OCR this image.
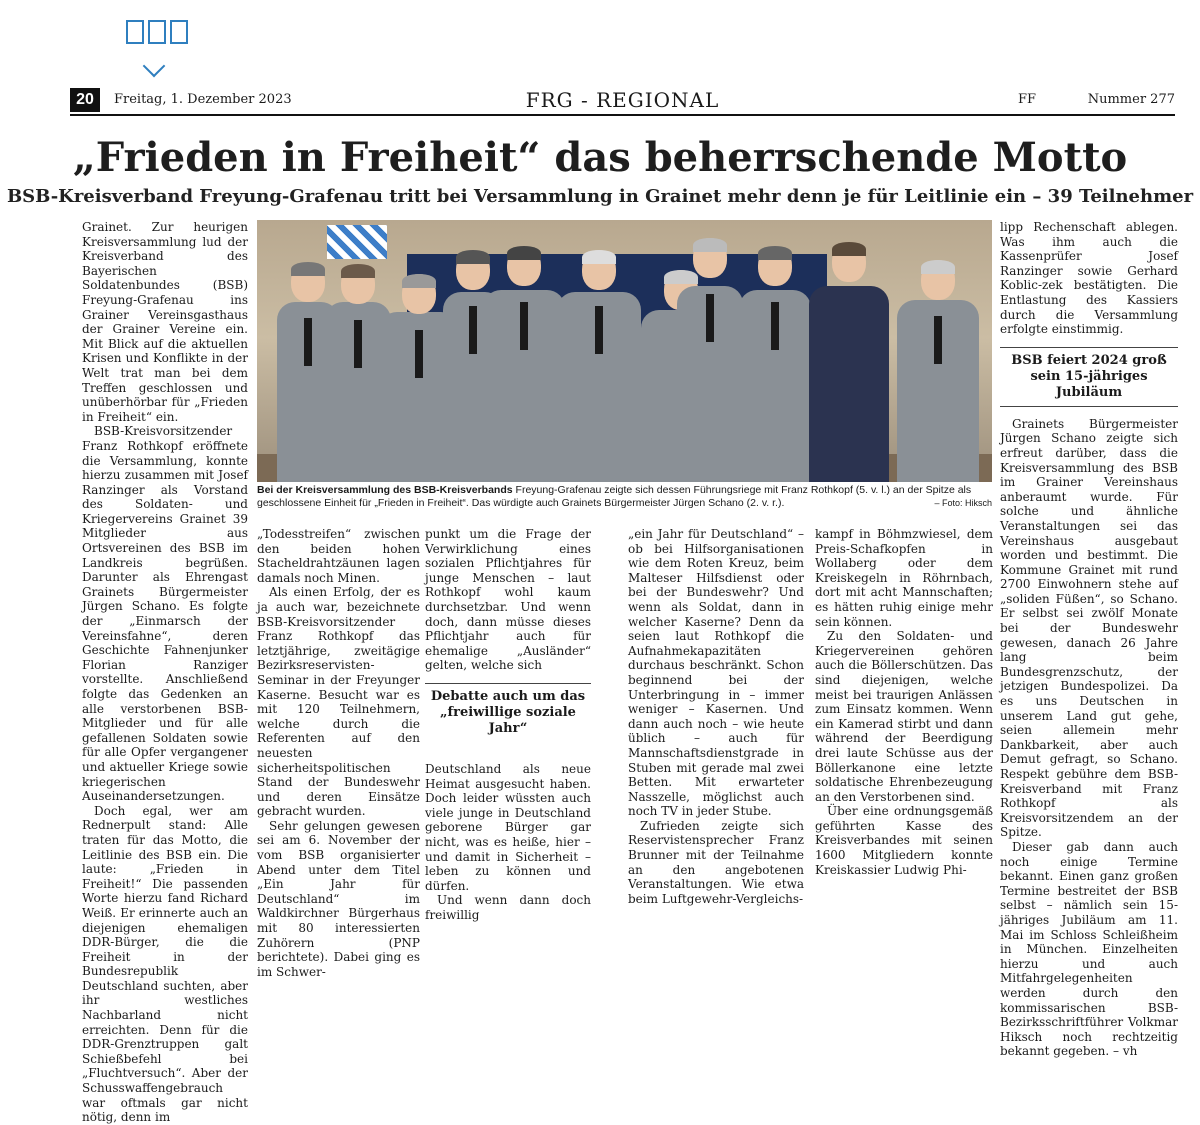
20	Freitag, 1. Dezember 2023	FRG - REGIONAL	FF	Nummer 277
„Frieden in Freiheit“ das beherrschende Motto
BSB-Kreisverband Freyung-Grafenau tritt bei Versammlung in Grainet mehr denn je für Leitlinie ein – 39 Teilnehmer

Grainet. Zur heurigen Kreisversammlung lud der Kreisverband des Bayerischen Soldatenbundes (BSB) Freyung-Grafenau ins Grainer Vereinsgasthaus der Grainer Vereine ein. Mit Blick auf die aktuellen Krisen und Konflikte in der Welt trat man bei dem Treffen geschlossen und unüberhörbar für „Frieden in Freiheit“ ein.

BSB-Kreisvorsitzender Franz Rothkopf eröffnete die Versammlung, konnte hierzu zusammen mit Josef Ranzinger als Vorstand des Soldaten- und Kriegervereins Grainet 39 Mitglieder aus Ortsvereinen des BSB im Landkreis begrüßen. Darunter als Ehrengast Grainets Bürgermeister Jürgen Schano. Es folgte der „Einmarsch der Vereinsfahne“, deren Geschichte Fahnenjunker Florian Ranziger vorstellte. Anschließend folgte das Gedenken an alle verstorbenen BSB-Mitglieder und für alle gefallenen Soldaten sowie für alle Opfer vergangener und aktueller Kriege sowie kriegerischen Auseinandersetzungen.

Doch egal, wer am Rednerpult stand: Alle traten für das Motto, die Leitlinie des BSB ein. Die laute: „Frieden in Freiheit!“ Die passenden Worte hierzu fand Richard Weiß. Er erinnerte auch an diejenigen ehemaligen DDR-Bürger, die die Freiheit in der Bundesrepublik Deutschland suchten, aber ihr westliches Nachbarland nicht erreichten. Denn für die DDR-Grenztruppen galt Schießbefehl bei „Fluchtversuch“. Aber der Schusswaffengebrauch war oftmals gar nicht nötig, denn im

Bei der Kreisversammlung des BSB-Kreisverbands Freyung-Grafenau zeigte sich dessen Führungsriege mit Franz Rothkopf (5. v. l.) an der Spitze als geschlossene Einheit für „Frieden in Freiheit“. Das würdigte auch Grainets Bürgermeister Jürgen Schano (2. v. r.).	– Foto: Hiksch

„Todesstreifen“ zwischen den beiden hohen Stacheldrahtzäunen lagen damals noch Minen.

Als einen Erfolg, der es ja auch war, bezeichnete BSB-Kreisvorsitzender Franz Rothkopf das letztjährige, zweitägige Bezirksreservisten-Seminar in der Freyunger Kaserne. Besucht war es mit 120 Teilnehmern, welche durch die Referenten auf den neuesten sicherheitspolitischen Stand der Bundeswehr und deren Einsätze gebracht wurden.

Sehr gelungen gewesen sei am 6. November der vom BSB organisierter Abend unter dem Titel „Ein Jahr für Deutschland“ im Waldkirchner Bürgerhaus mit 80 interessierten Zuhörern (PNP berichtete). Dabei ging es im Schwer-

punkt um die Frage der Verwirklichung eines sozialen Pflichtjahres für junge Menschen – laut Rothkopf wohl kaum durchsetzbar. Und wenn doch, dann müsse dieses Pflichtjahr auch für ehemalige „Ausländer“ gelten, welche sich

Debatte auch um das „freiwillige soziale Jahr“

Deutschland als neue Heimat ausgesucht haben. Doch leider wüssten auch viele junge in Deutschland geborene Bürger gar nicht, was es heiße, hier – und damit in Sicherheit – leben zu können und dürfen.

Und wenn dann doch freiwillig

„ein Jahr für Deutschland“ – ob bei Hilfsorganisationen wie dem Roten Kreuz, beim Malteser Hilfsdienst oder bei der Bundeswehr? Und wenn als Soldat, dann in welcher Kaserne? Denn da seien laut Rothkopf die Aufnahmekapazitäten durchaus beschränkt. Schon beginnend bei der Unterbringung in – immer weniger – Kasernen. Und dann auch noch – wie heute üblich – auch für Mannschaftsdienstgrade in Stuben mit gerade mal zwei Betten. Mit erwarteter Nasszelle, möglichst auch noch TV in jeder Stube.

Zufrieden zeigte sich Reservistensprecher Franz Brunner mit der Teilnahme an den angebotenen Veranstaltungen. Wie etwa beim Luftgewehr-Vergleichs-

kampf in Böhmzwiesel, dem Preis-Schafkopfen in Wollaberg oder dem Kreiskegeln in Röhrnbach, dort mit acht Mannschaften; es hätten ruhig einige mehr sein können.

Zu den Soldaten- und Kriegervereinen gehören auch die Böllerschützen. Das sind diejenigen, welche meist bei traurigen Anlässen zum Einsatz kommen. Wenn ein Kamerad stirbt und dann während der Beerdigung drei laute Schüsse aus der Böllerkanone eine letzte soldatische Ehrenbezeugung an den Verstorbenen sind.

Über eine ordnungsgemäß geführten Kasse des Kreisverbandes mit seinen 1600 Mitgliedern konnte Kreiskassier Ludwig Phi-

lipp Rechenschaft ablegen. Was ihm auch die Kassenprüfer Josef Ranzinger sowie Gerhard Koblic-zek bestätigten. Die Entlastung des Kassiers durch die Versammlung erfolgte einstimmig.

BSB feiert 2024 groß sein 15-jähriges Jubiläum

Grainets Bürgermeister Jürgen Schano zeigte sich erfreut darüber, dass die Kreisversammlung des BSB im Grainer Vereinshaus anberaumt wurde. Für solche und ähnliche Veranstaltungen sei das Vereinshaus ausgebaut worden und bestimmt. Die Kommune Grainet mit rund 2700 Einwohnern stehe auf „soliden Füßen“, so Schano. Er selbst sei zwölf Monate bei der Bundeswehr gewesen, danach 26 Jahre lang beim Bundesgrenzschutz, der jetzigen Bundespolizei. Da es uns Deutschen in unserem Land gut gehe, seien allemein mehr Dankbarkeit, aber auch Demut gefragt, so Schano. Respekt gebühre dem BSB-Kreisverband mit Franz Rothkopf als Kreisvorsitzendem an der Spitze.

Dieser gab dann auch noch einige Termine bekannt. Einen ganz großen Termine bestreitet der BSB selbst – nämlich sein 15-jähriges Jubiläum am 11. Mai im Schloss Schleißheim in München. Einzelheiten hierzu und auch Mitfahrgelegenheiten werden durch den kommissarischen BSB-Bezirksschriftführer Volkmar Hiksch noch rechtzeitig bekannt gegeben. – vh
